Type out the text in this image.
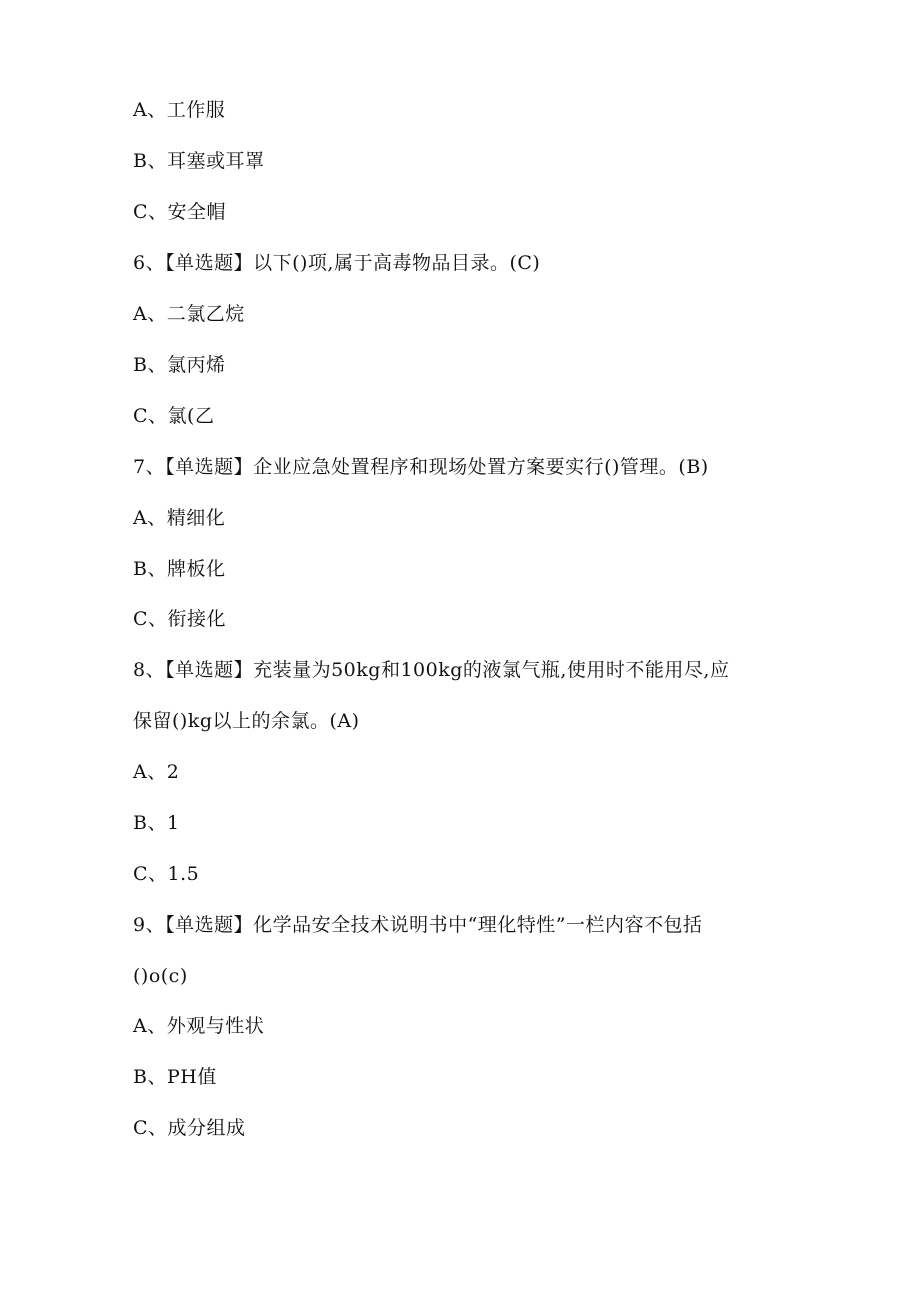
A、工作服
B、耳塞或耳罩
C、安全帽
6、【单选题】以下()项,属于高毒物品目录。(C)
A、二氯乙烷
B、氯丙烯
C、氯(乙
7、【单选题】企业应急处置程序和现场处置方案要实行()管理。(B)
A、精细化
B、牌板化
C、衔接化
8、【单选题】充装量为50kg和100kg的液氯气瓶,使用时不能用尽,应
保留()kg以上的余氯。(A)
A、2
B、1
C、1.5
9、【单选题】化学品安全技术说明书中“理化特性”一栏内容不包括
()o(c)
A、外观与性状
B、PH值
C、成分组成
